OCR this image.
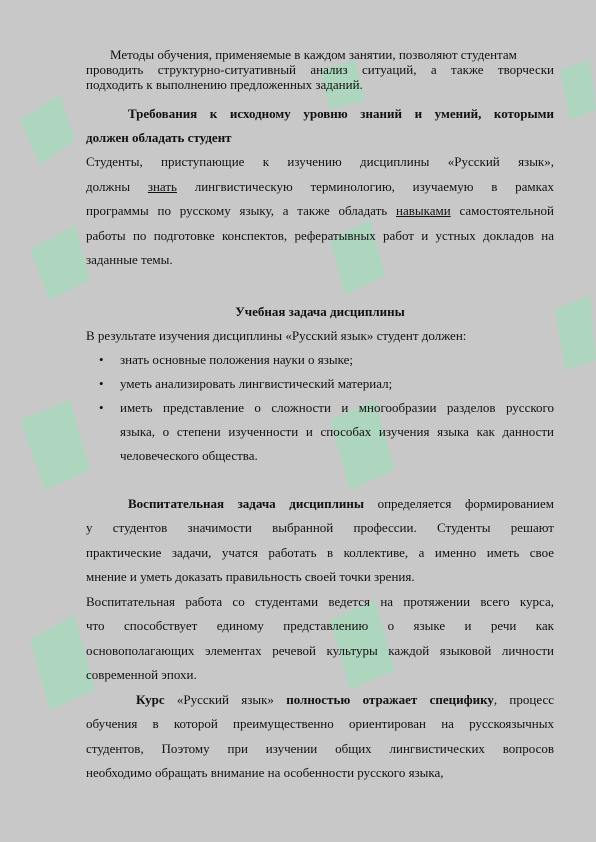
Методы обучения, применяемые в каждом занятии, позволяют студентам
проводить структурно-ситуативный анализ ситуаций, а также творчески
подходить к выполнению предложенных заданий.

Требования к исходному уровню знаний и умений, которыми
должен обладать студент

Студенты, приступающие к изучению дисциплины «Русский язык»,
должны знать лингвистическую терминологию, изучаемую в рамках
программы по русскому языку, а также обладать навыками самостоятельной
работы по подготовке конспектов, рефератывных работ и устных докладов на
заданные темы.

Учебная задача дисциплины

В результате изучения дисциплины «Русский язык» студент должен:

• знать основные положения науки о языке;
• уметь анализировать лингвистический материал;
• иметь представление о сложности и многообразии разделов русского
языка, о степени изученности и способах изучения языка как данности
человеческого общества.

Воспитательная задача дисциплины определяется формированием
у студентов значимости выбранной профессии. Студенты решают
практические задачи, учатся работать в коллективе, а именно иметь свое
мнение и уметь доказать правильность своей точки зрения.

Воспитательная работа со студентами ведется на протяжении всего курса,
что способствует единому представлению о языке и речи как
основополагающих элементах речевой культуры каждой языковой личности
современной эпохи.

Курс «Русский язык» полностью отражает специфику, процесс
обучения в которой преимущественно ориентирован на русскоязычных
студентов, Поэтому при изучении общих лингвистических вопросов
необходимо обращать внимание на особенности русского языка,
